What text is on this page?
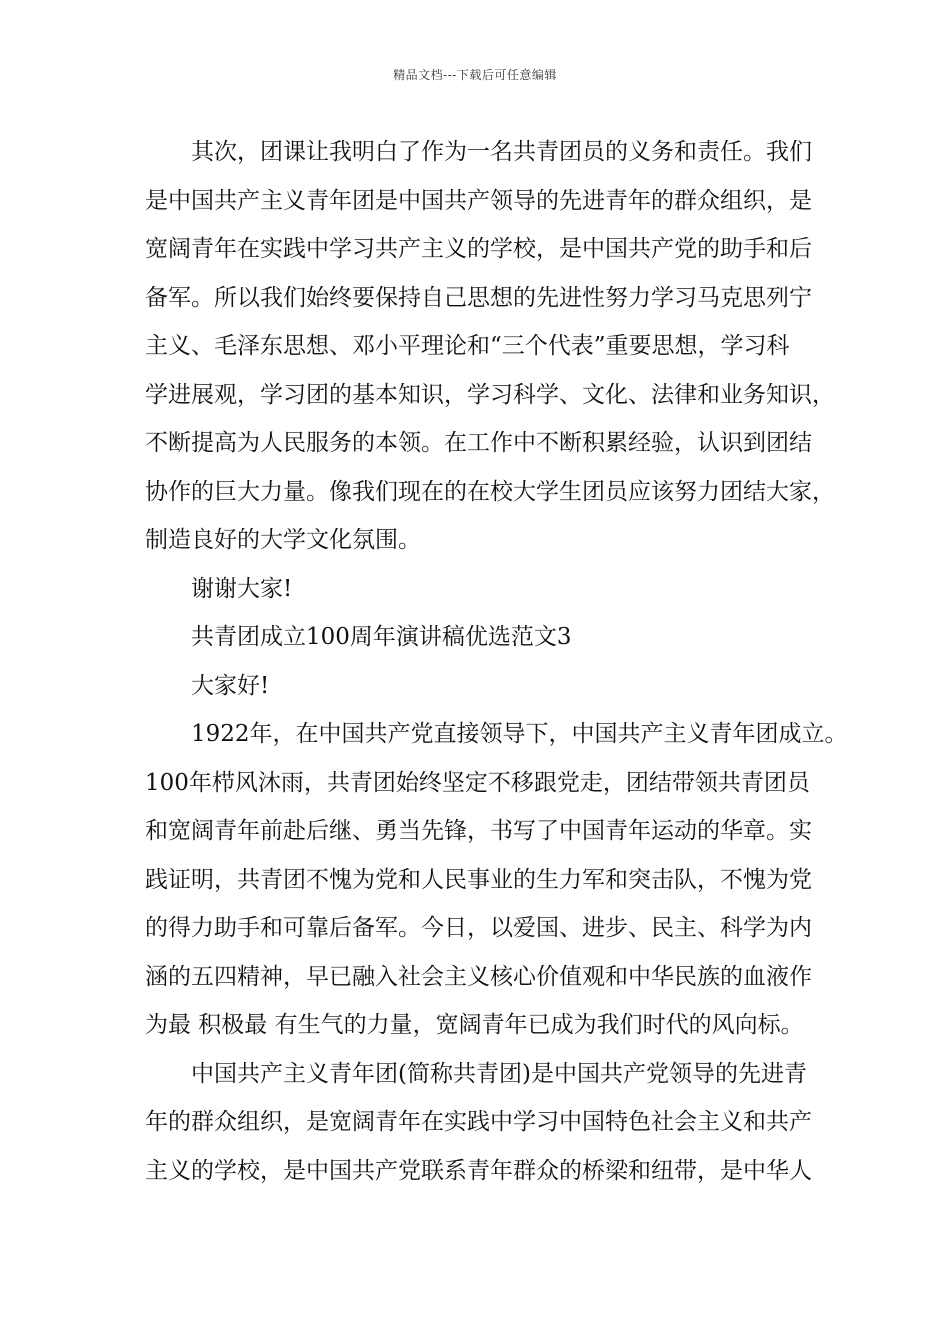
精品文档---下载后可任意编辑
其次，团课让我明白了作为一名共青团员的义务和责任。我们
是中国共产主义青年团是中国共产领导的先进青年的群众组织，是
宽阔青年在实践中学习共产主义的学校，是中国共产党的助手和后
备军。所以我们始终要保持自己思想的先进性努力学习马克思列宁
主义、毛泽东思想、邓小平理论和“三个代表”重要思想，学习科
学进展观，学习团的基本知识，学习科学、文化、法律和业务知识，
不断提高为人民服务的本领。在工作中不断积累经验，认识到团结
协作的巨大力量。像我们现在的在校大学生团员应该努力团结大家，
制造良好的大学文化氛围。
谢谢大家!
共青团成立100周年演讲稿优选范文3
大家好!
1922年，在中国共产党直接领导下，中国共产主义青年团成立。
100年栉风沐雨，共青团始终坚定不移跟党走，团结带领共青团员
和宽阔青年前赴后继、勇当先锋，书写了中国青年运动的华章。实
践证明，共青团不愧为党和人民事业的生力军和突击队，不愧为党
的得力助手和可靠后备军。今日，以爱国、进步、民主、科学为内
涵的五四精神，早已融入社会主义核心价值观和中华民族的血液作
为最 积极最 有生气的力量，宽阔青年已成为我们时代的风向标。
中国共产主义青年团(简称共青团)是中国共产党领导的先进青
年的群众组织，是宽阔青年在实践中学习中国特色社会主义和共产
主义的学校，是中国共产党联系青年群众的桥梁和纽带，是中华人
